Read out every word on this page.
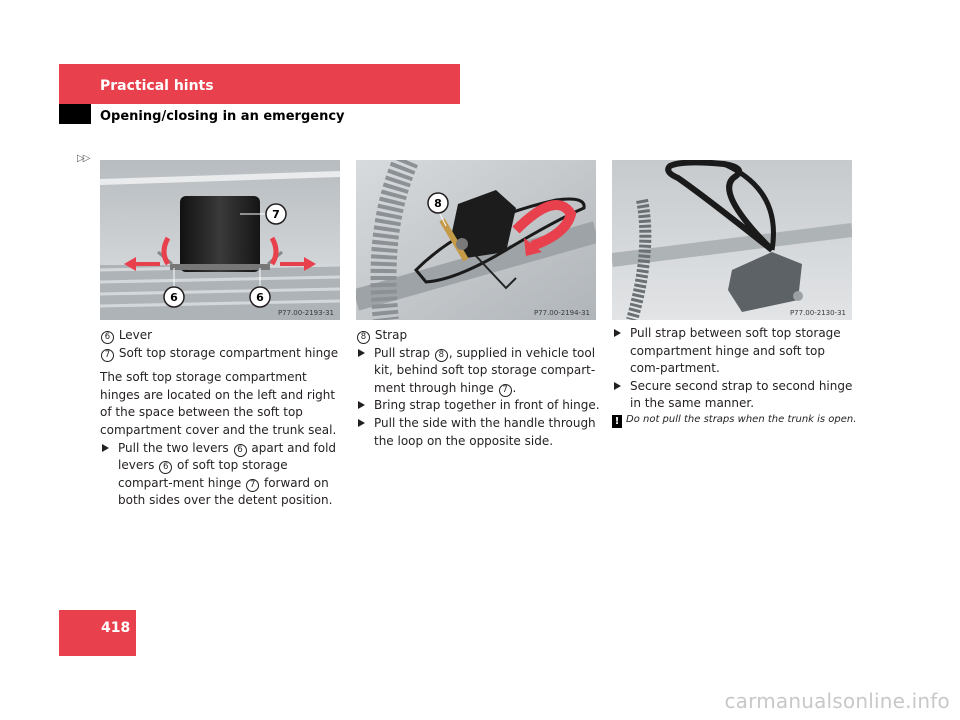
Practical hints
Opening/closing in an emergency
▷▷
7
6	6
P77.00-2193-31
8
P77.00-2194-31	P77.00-2130-31

6 Lever

7 Soft top storage compartment hinge

The soft top storage compartment hinges are located on the left and right of the space between the soft top compartment cover and the trunk seal.

Pull the two levers 6 apart and fold levers 6 of soft top storage compart-ment hinge 7 forward on both sides over the detent position.

8 Strap

Pull strap 8 , supplied in vehicle tool kit, behind soft top storage compart-ment through hinge 7 .

Bring strap together in front of hinge.

Pull the side with the handle through the loop on the opposite side.

Pull strap between soft top storage compartment hinge and soft top com-partment.

Secure second strap to second hinge in the same manner.

! Do not pull the straps when the trunk is open.

418
carmanualsonline.info
